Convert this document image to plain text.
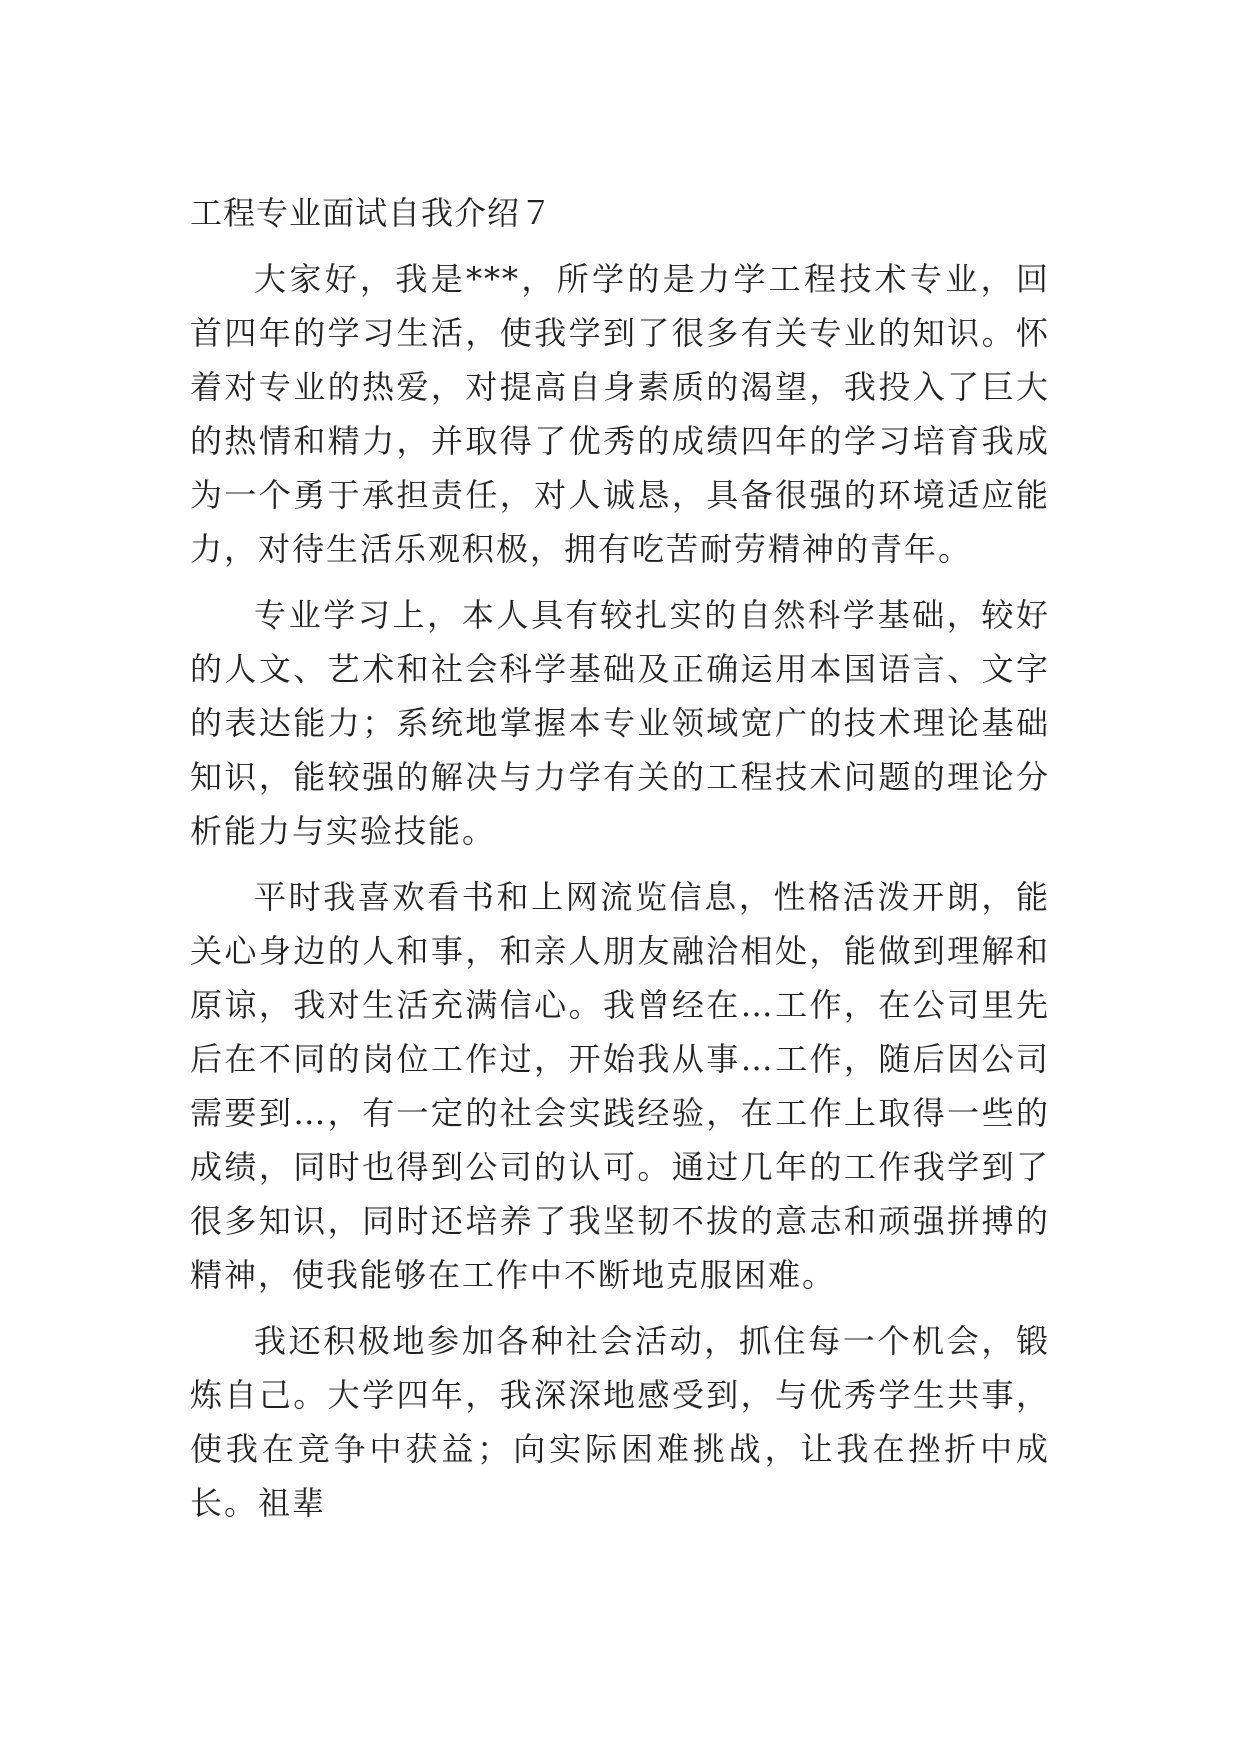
工程专业面试自我介绍７

大家好，我是***，所学的是力学工程技术专业，回首四年的学习生活，使我学到了很多有关专业的知识。怀着对专业的热爱，对提高自身素质的渴望，我投入了巨大的热情和精力，并取得了优秀的成绩四年的学习培育我成为一个勇于承担责任，对人诚恳，具备很强的环境适应能力，对待生活乐观积极，拥有吃苦耐劳精神的青年。

专业学习上，本人具有较扎实的自然科学基础，较好的人文、艺术和社会科学基础及正确运用本国语言、文字的表达能力；系统地掌握本专业领域宽广的技术理论基础知识，能较强的解决与力学有关的工程技术问题的理论分析能力与实验技能。

平时我喜欢看书和上网流览信息，性格活泼开朗，能关心身边的人和事，和亲人朋友融洽相处，能做到理解和原谅，我对生活充满信心。我曾经在…工作，在公司里先后在不同的岗位工作过，开始我从事…工作，随后因公司需要到…，有一定的社会实践经验，在工作上取得一些的成绩，同时也得到公司的认可。通过几年的工作我学到了很多知识，同时还培养了我坚韧不拔的意志和顽强拼搏的精神，使我能够在工作中不断地克服困难。

我还积极地参加各种社会活动，抓住每一个机会，锻炼自己。大学四年，我深深地感受到，与优秀学生共事，使我在竞争中获益；向实际困难挑战，让我在挫折中成长。祖辈
